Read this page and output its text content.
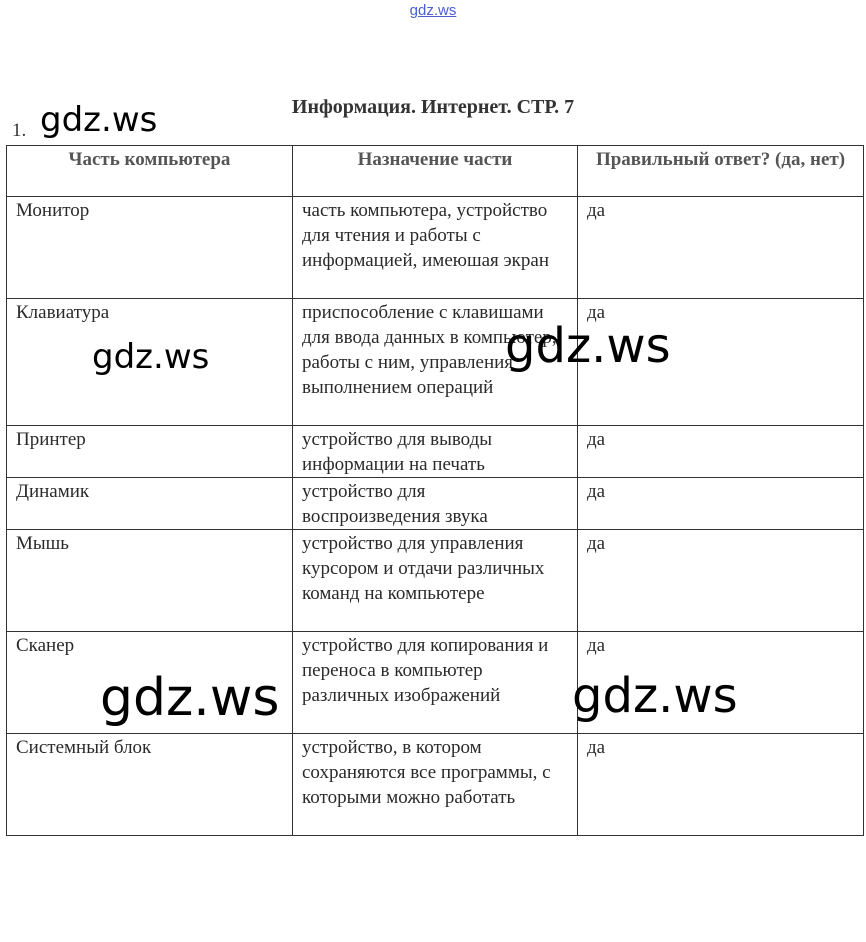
gdz.ws
Информация. Интернет. СТР. 7
1.
Часть компьютера	Назначение части	Правильный ответ? (да, нет)
Монитор	часть компьютера, устройство для чтения и работы с информацией, имеюшая экран	да
Клавиатура	приспособление с клавишами для ввода данных в компьютер, работы с ним, управления выполнением операций	да
Принтер	устройство для выводы информации на печать	да
Динамик	устройство для воспроизведения звука	да
Мышь	устройство для управления курсором и отдачи различных команд на компьютере	да
Сканер	устройство для копирования и переноса в компьютер различных изображений	да
Системный блок	устройство, в котором сохраняются все программы, с которыми можно работать	да
gdz.ws
gdz.ws	gdz.ws
gdz.ws	gdz.ws
